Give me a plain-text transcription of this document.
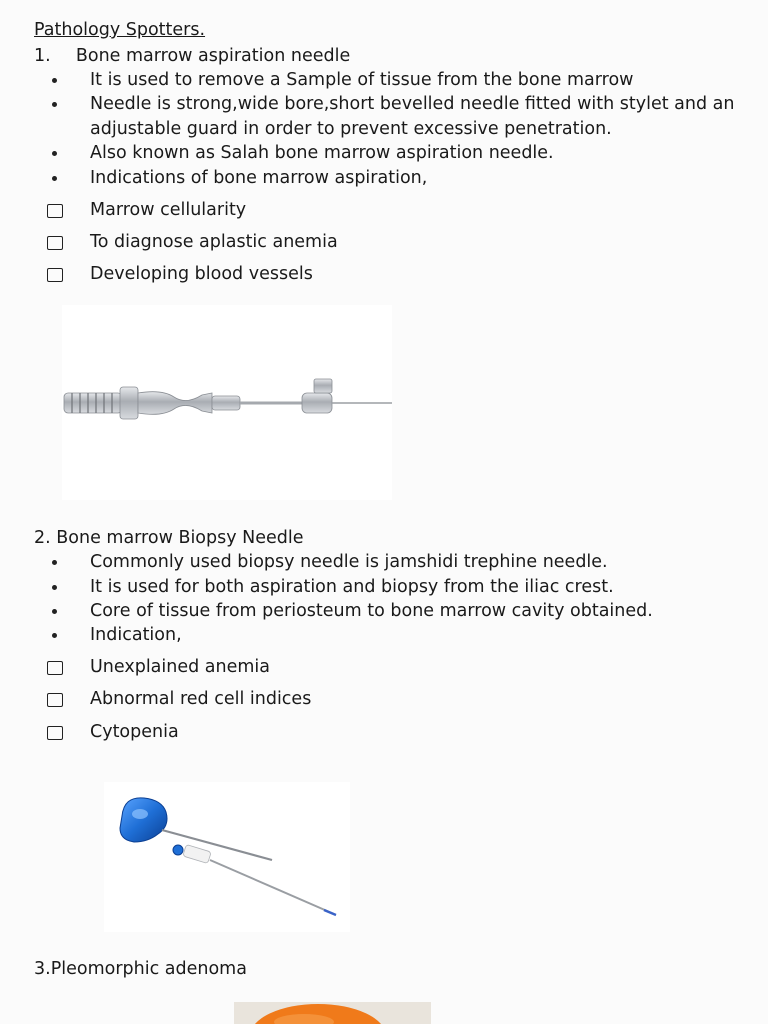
Pathology Spotters.
1. Bone marrow aspiration needle
It is used to remove a Sample of tissue from the bone marrow
Needle is strong,wide bore,short bevelled needle fitted with stylet and an
adjustable guard in order to prevent excessive penetration.
Also known as Salah bone marrow aspiration needle.
Indications of bone marrow aspiration,
Marrow cellularity
To diagnose aplastic anemia
Developing blood vessels
2. Bone marrow Biopsy Needle
Commonly used biopsy needle is jamshidi trephine needle.
It is used for both aspiration and biopsy from the iliac crest.
Core of tissue from periosteum to bone marrow cavity obtained.
Indication,
Unexplained anemia
Abnormal red cell indices
Cytopenia
3.Pleomorphic adenoma
